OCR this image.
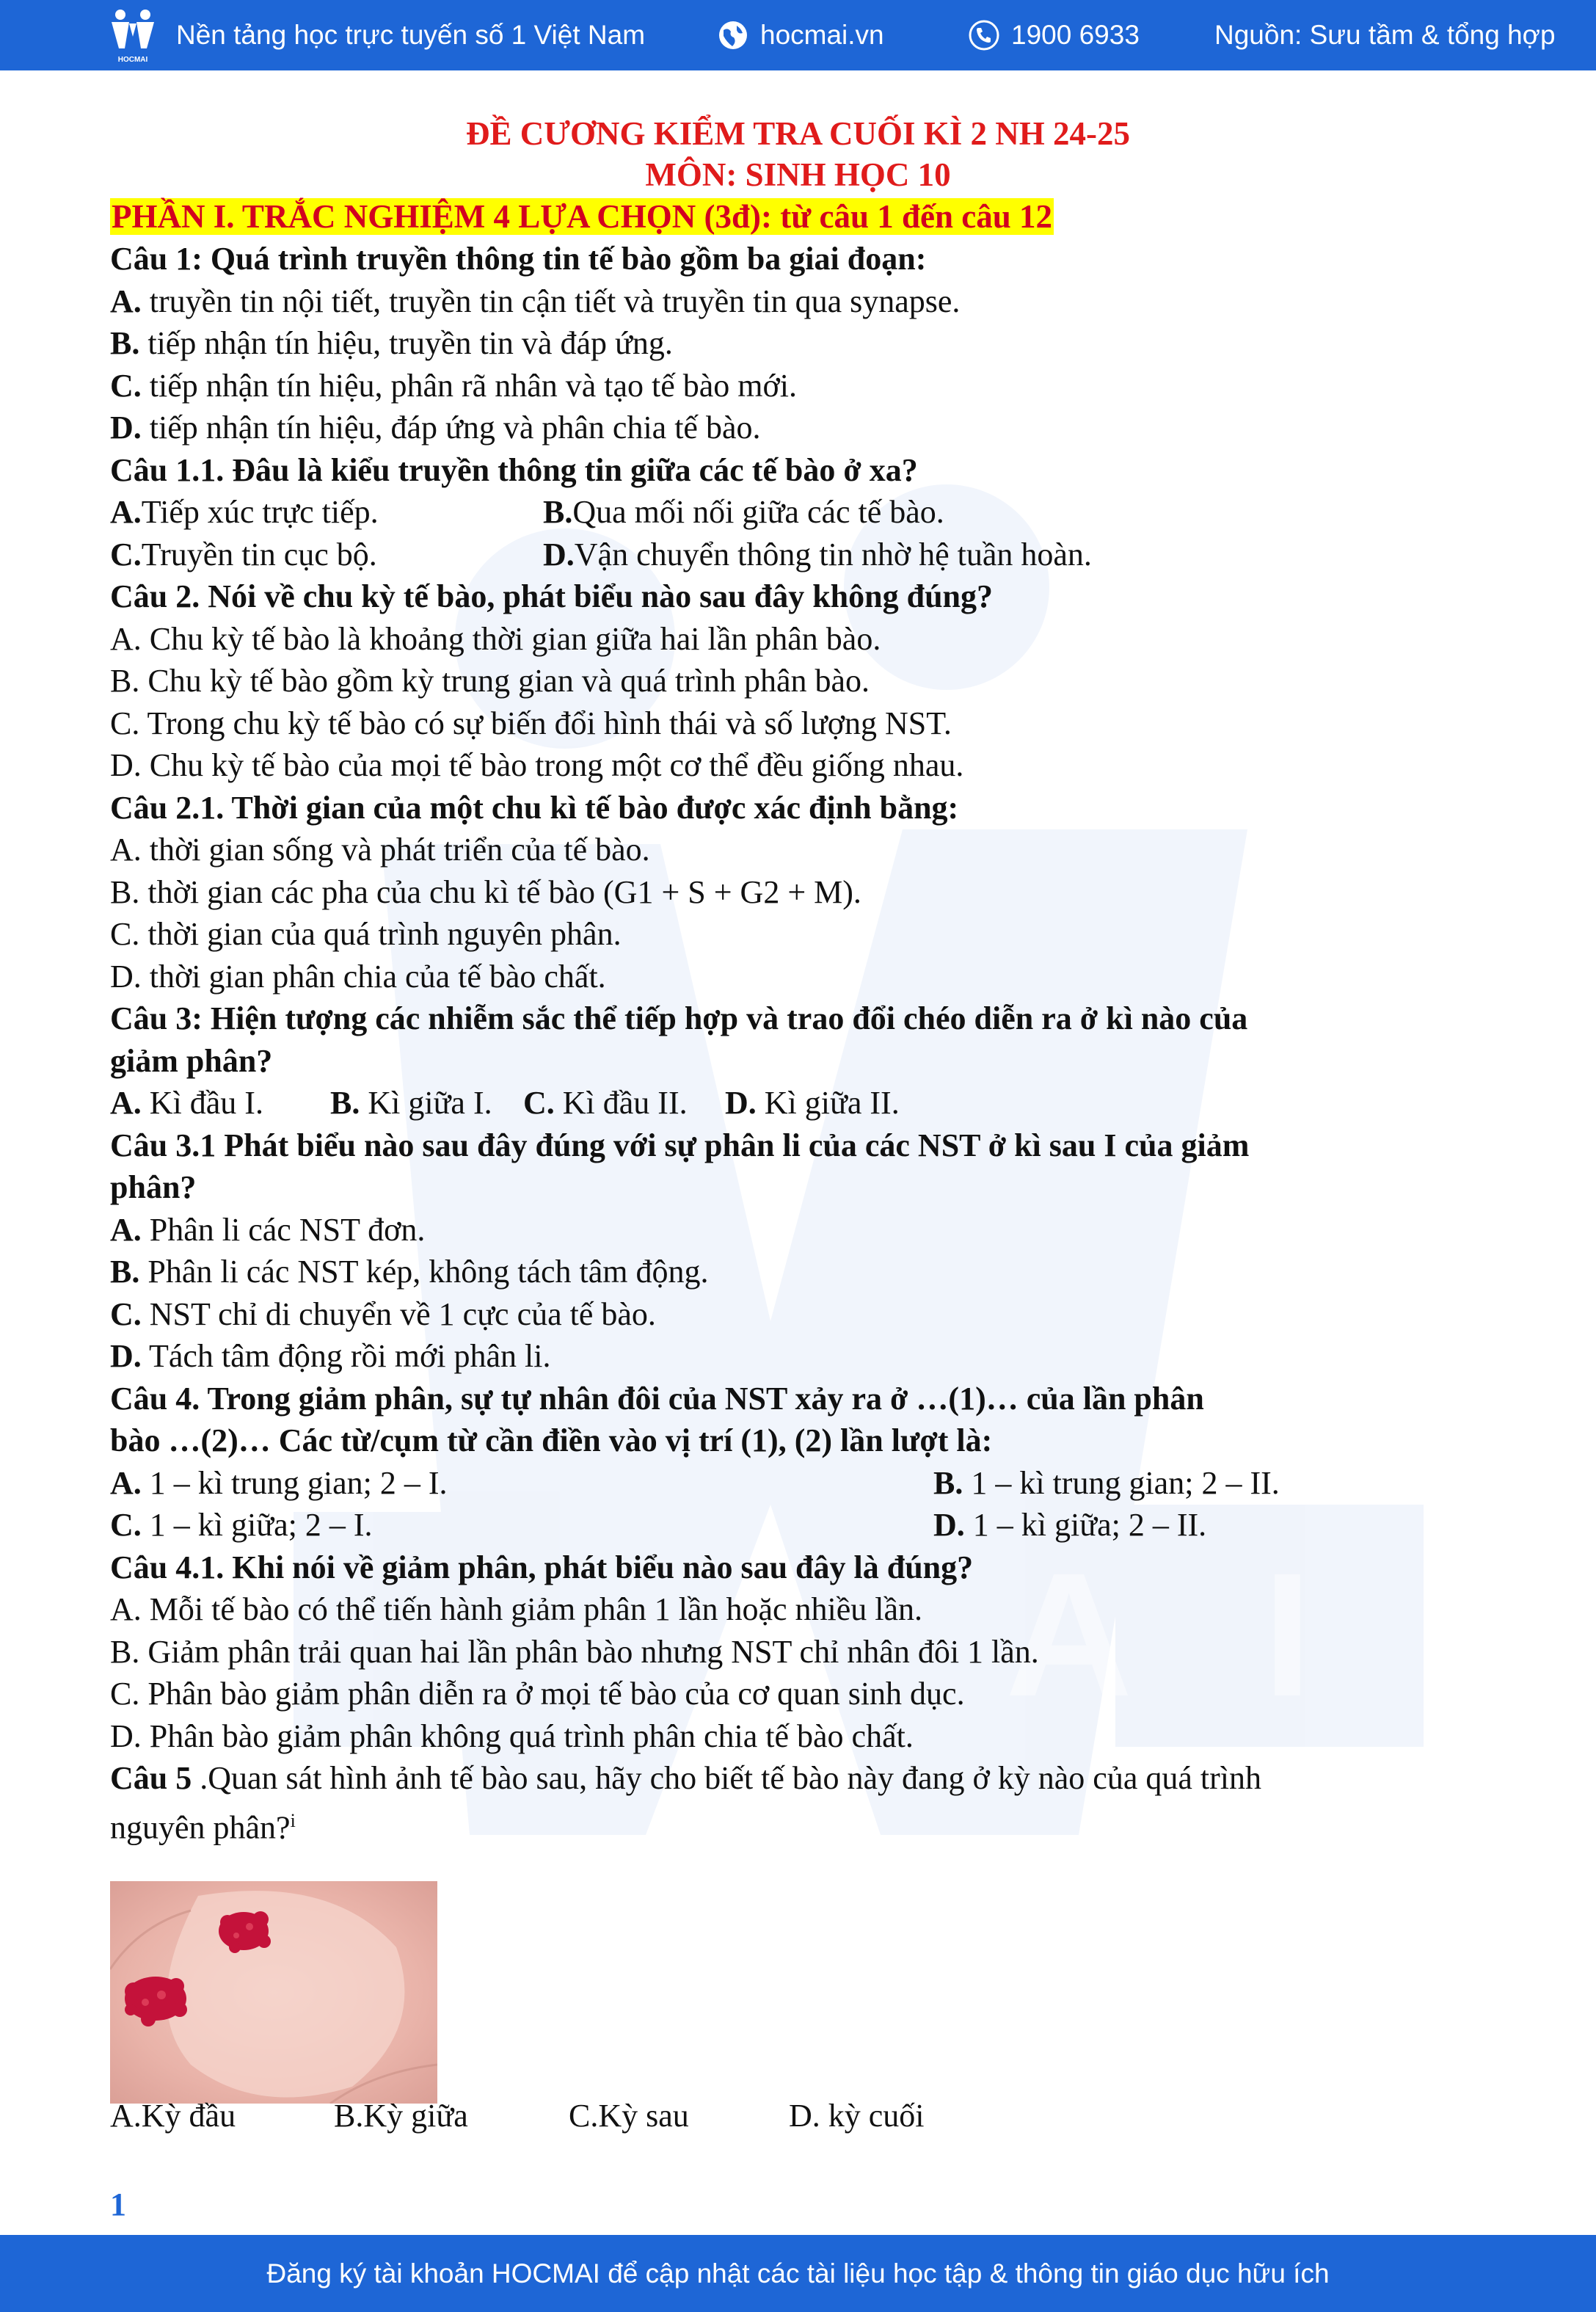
A I
HOCMAI
Nền tảng học trực tuyến số 1 Việt Nam	hocmai.vn	1900 6933	Nguồn: Sưu tầm & tổng hợp
ĐỀ CƯƠNG KIỂM TRA CUỐI KÌ 2 NH 24-25
MÔN: SINH HỌC 10
PHẦN I. TRẮC NGHIỆM 4 LỰA CHỌN (3đ): từ câu 1 đến câu 12
Câu 1: Quá trình truyền thông tin tế bào gồm ba giai đoạn:
A. truyền tin nội tiết, truyền tin cận tiết và truyền tin qua synapse.
B. tiếp nhận tín hiệu, truyền tin và đáp ứng.
C. tiếp nhận tín hiệu, phân rã nhân và tạo tế bào mới.
D. tiếp nhận tín hiệu, đáp ứng và phân chia tế bào.
Câu 1.1. Đâu là kiểu truyền thông tin giữa các tế bào ở xa?
A.Tiếp xúc trực tiếp.	B.Qua mối nối giữa các tế bào.
C.Truyền tin cục bộ.	D.Vận chuyển thông tin nhờ hệ tuần hoàn.
Câu 2. Nói về chu kỳ tế bào, phát biểu nào sau đây không đúng?
A. Chu kỳ tế bào là khoảng thời gian giữa hai lần phân bào.
B. Chu kỳ tế bào gồm kỳ trung gian và quá trình phân bào.
C. Trong chu kỳ tế bào có sự biến đổi hình thái và số lượng NST.
D. Chu kỳ tế bào của mọi tế bào trong một cơ thể đều giống nhau.
Câu 2.1. Thời gian của một chu kì tế bào được xác định bằng:
A. thời gian sống và phát triển của tế bào.
B. thời gian các pha của chu kì tế bào (G1 + S + G2 + M).
C. thời gian của quá trình nguyên phân.
D. thời gian phân chia của tế bào chất.
Câu 3: Hiện tượng các nhiễm sắc thể tiếp hợp và trao đổi chéo diễn ra ở kì nào của
giảm phân?
A. Kì đầu I. B. Kì giữa I. C. Kì đầu II. D. Kì giữa II.
Câu 3.1 Phát biểu nào sau đây đúng với sự phân li của các NST ở kì sau I của giảm
phân?
A. Phân li các NST đơn.
B. Phân li các NST kép, không tách tâm động.
C. NST chỉ di chuyển về 1 cực của tế bào.
D. Tách tâm động rồi mới phân li.
Câu 4. Trong giảm phân, sự tự nhân đôi của NST xảy ra ở …(1)… của lần phân
bào …(2)… Các từ/cụm từ cần điền vào vị trí (1), (2) lần lượt là:
A. 1 – kì trung gian; 2 – I.	B. 1 – kì trung gian; 2 – II.
C. 1 – kì giữa; 2 – I.	D. 1 – kì giữa; 2 – II.
Câu 4.1. Khi nói về giảm phân, phát biểu nào sau đây là đúng?
A. Mỗi tế bào có thể tiến hành giảm phân 1 lần hoặc nhiều lần.
B. Giảm phân trải quan hai lần phân bào nhưng NST chỉ nhân đôi 1 lần.
C. Phân bào giảm phân diễn ra ở mọi tế bào của cơ quan sinh dục.
D. Phân bào giảm phân không quá trình phân chia tế bào chất.
Câu 5 .Quan sát hình ảnh tế bào sau, hãy cho biết tế bào này đang ở kỳ nào của quá trình
nguyên phân?$^i$
A.Kỳ đầu	B.Kỳ giữa	C.Kỳ sau	D. kỳ cuối
1
Đăng ký tài khoản HOCMAI để cập nhật các tài liệu học tập & thông tin giáo dục hữu ích
